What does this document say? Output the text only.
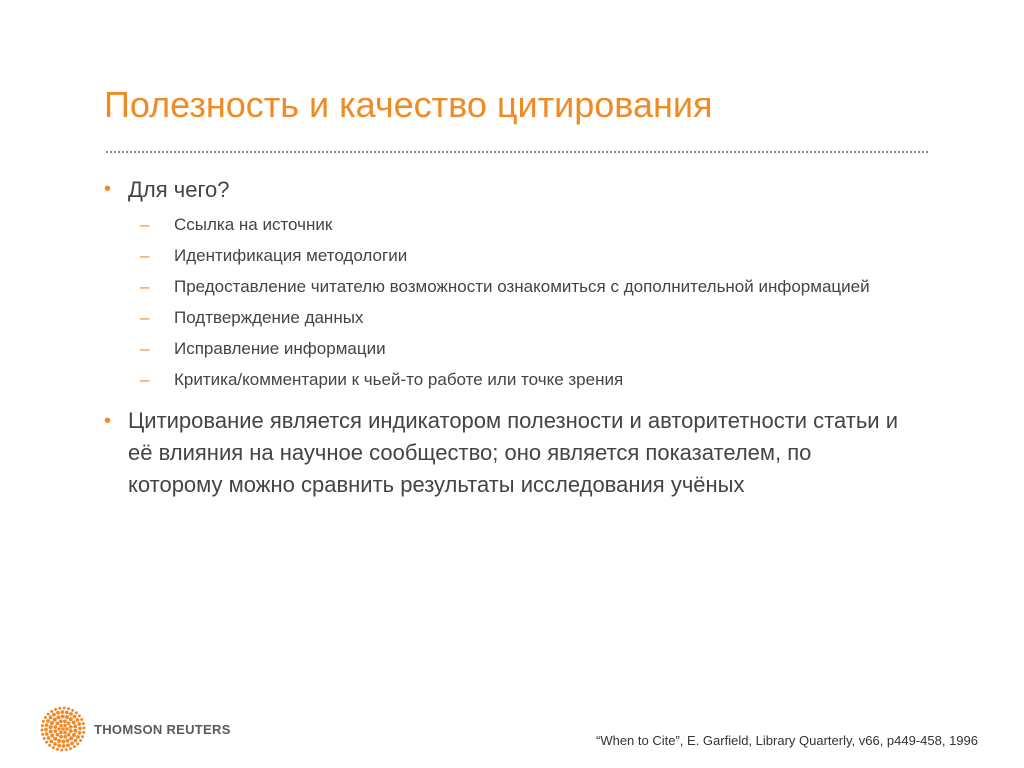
Полезность и качество цитирования
• Для чего?
– Ссылка на источник
– Идентификация методологии
– Предоставление читателю возможности ознакомиться с дополнительной информацией
– Подтверждение данных
– Исправление информации
– Критика/комментарии к чьей-то работе или точке зрения
• Цитирование является индикатором полезности и авторитетности статьи и её влияния на научное сообщество; оно является показателем, по которому можно сравнить результаты исследования учёных
THOMSON REUTERS
“When to Cite”, E. Garfield, Library Quarterly, v66, p449-458, 1996
